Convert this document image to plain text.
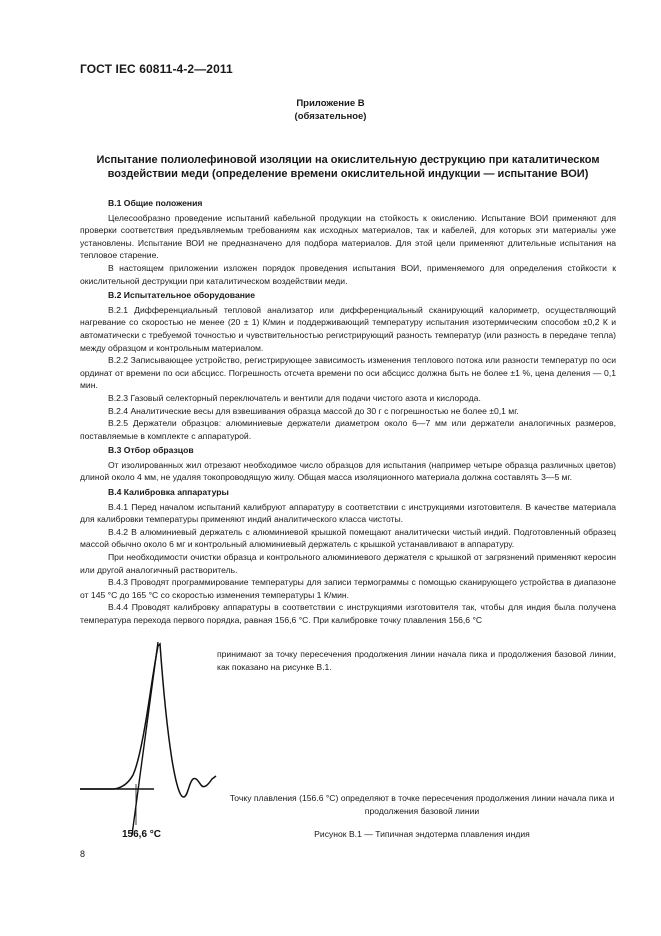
ГОСТ IEC 60811-4-2—2011
Приложение В
(обязательное)
Испытание полиолефиновой изоляции на окислительную деструкцию при каталитическом
воздействии меди (определение времени окислительной индукции — испытание ВОИ)
В.1 Общие положения

Целесообразно проведение испытаний кабельной продукции на стойкость к окислению. Испытание ВОИ применяют для проверки соответствия предъявляемым требованиям как исходных материалов, так и кабелей, для которых эти материалы уже установлены. Испытание ВОИ не предназначено для подбора материалов. Для этой цели применяют длительные испытания на тепловое старение.

В настоящем приложении изложен порядок проведения испытания ВОИ, применяемого для определения стойкости к окислительной деструкции при каталитическом воздействии меди.

В.2 Испытательное оборудование

В.2.1 Дифференциальный тепловой анализатор или дифференциальный сканирующий калориметр, осуществляющий нагревание со скоростью не менее (20 ± 1) К/мин и поддерживающий температуру испытания изотермическим способом ±0,2 К и автоматически с требуемой точностью и чувствительностью регистрирующий разность температур (или разность в передаче тепла) между образцом и контрольным материалом.

В.2.2 Записывающее устройство, регистрирующее зависимость изменения теплового потока или разности температур по оси ординат от времени по оси абсцисс. Погрешность отсчета времени по оси абсцисс должна быть не более ±1 %, цена деления — 0,1 мин.

В.2.3 Газовый селекторный переключатель и вентили для подачи чистого азота и кислорода.

В.2.4 Аналитические весы для взвешивания образца массой до 30 г с погрешностью не более ±0,1 мг.

В.2.5 Держатели образцов: алюминиевые держатели диаметром около 6—7 мм или держатели аналогичных размеров, поставляемые в комплекте с аппаратурой.

В.3 Отбор образцов

От изолированных жил отрезают необходимое число образцов для испытания (например четыре образца различных цветов) длиной около 4 мм, не удаляя токопроводящую жилу. Общая масса изоляционного материала должна составлять 3—5 мг.

В.4 Калибровка аппаратуры

В.4.1 Перед началом испытаний калибруют аппаратуру в соответствии с инструкциями изготовителя. В качестве материала для калибровки температуры применяют индий аналитического класса чистоты.

В.4.2 В алюминиевый держатель с алюминиевой крышкой помещают аналитически чистый индий. Подготовленный образец массой обычно около 6 мг и контрольный алюминиевый держатель с крышкой устанавливают в аппаратуру.

При необходимости очистки образца и контрольного алюминиевого держателя с крышкой от загрязнений применяют керосин или другой аналогичный растворитель.

В.4.3 Проводят программирование температуры для записи термограммы с помощью сканирующего устройства в диапазоне от 145 °С до 165 °С со скоростью изменения температуры 1 К/мин.

В.4.4 Проводят калибровку аппаратуры в соответствии с инструкциями изготовителя так, чтобы для индия была получена температура перехода первого порядка, равная 156,6 °С. При калибровке точку плавления 156,6 °С

принимают за точку пересечения продолжения линии начала пика и продолжения базовой линии, как показано на рисунке В.1.
156,6 °C
Точку плавления (156.6 °С) определяют в точке пересечения продолжения линии начала пика и продолжения базовой линии
Рисунок В.1 — Типичная эндотерма плавления индия
8
